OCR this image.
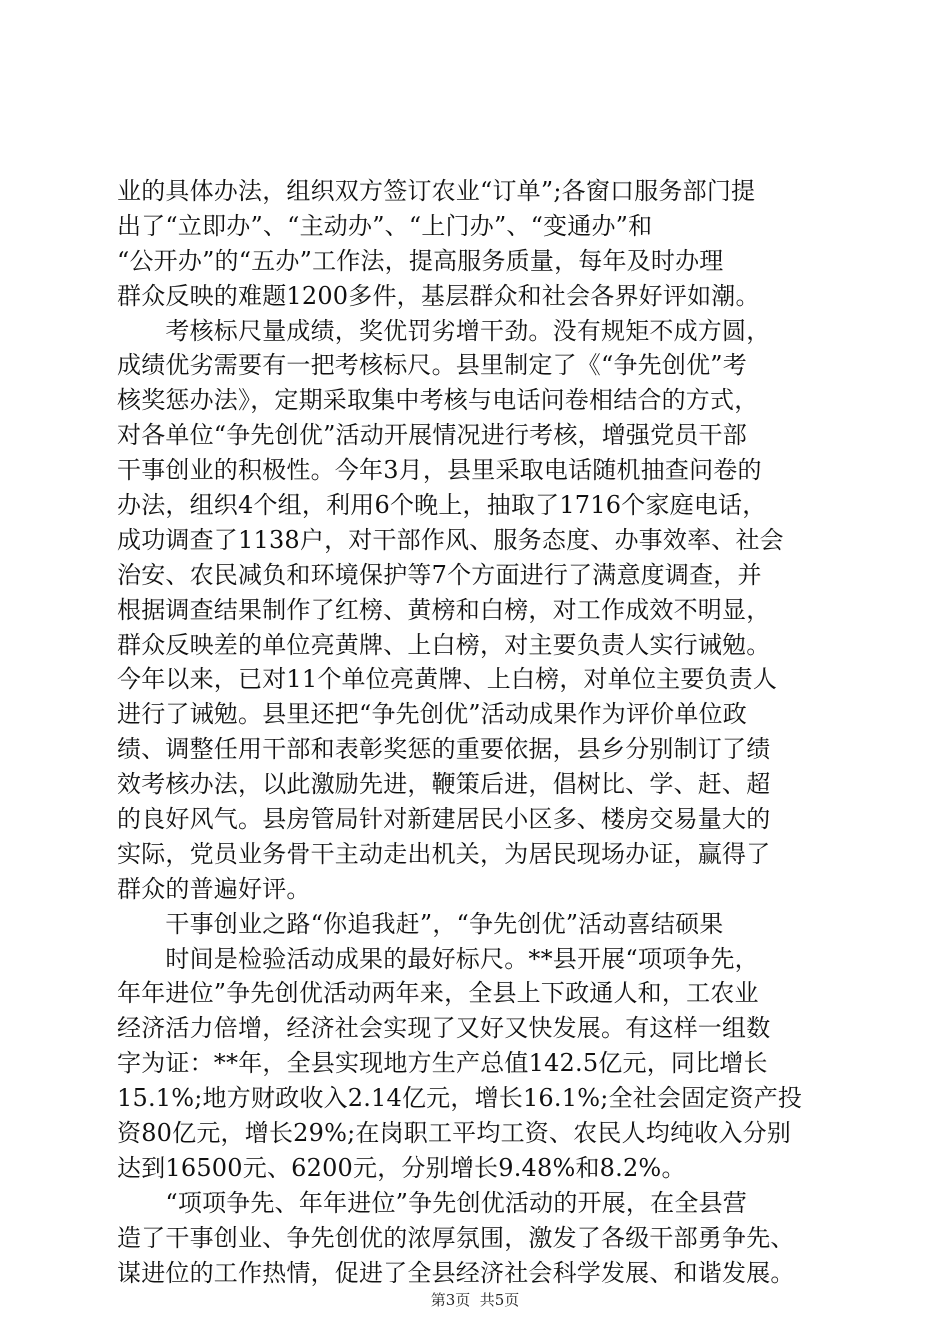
业的具体办法，组织双方签订农业“订单”;各窗口服务部门提
出了“立即办”、“主动办”、“上门办”、“变通办”和
“公开办”的“五办”工作法，提高服务质量，每年及时办理
群众反映的难题1200多件，基层群众和社会各界好评如潮。
　　考核标尺量成绩，奖优罚劣增干劲。没有规矩不成方圆，
成绩优劣需要有一把考核标尺。县里制定了《“争先创优”考
核奖惩办法》，定期采取集中考核与电话问卷相结合的方式，
对各单位“争先创优”活动开展情况进行考核，增强党员干部
干事创业的积极性。今年3月，县里采取电话随机抽查问卷的
办法，组织4个组，利用6个晚上，抽取了1716个家庭电话，
成功调查了1138户，对干部作风、服务态度、办事效率、社会
治安、农民减负和环境保护等7个方面进行了满意度调查，并
根据调查结果制作了红榜、黄榜和白榜，对工作成效不明显，
群众反映差的单位亮黄牌、上白榜，对主要负责人实行诫勉。
今年以来，已对11个单位亮黄牌、上白榜，对单位主要负责人
进行了诫勉。县里还把“争先创优”活动成果作为评价单位政
绩、调整任用干部和表彰奖惩的重要依据，县乡分别制订了绩
效考核办法，以此激励先进，鞭策后进，倡树比、学、赶、超
的良好风气。县房管局针对新建居民小区多、楼房交易量大的
实际，党员业务骨干主动走出机关，为居民现场办证，赢得了
群众的普遍好评。
　　干事创业之路“你追我赶”，“争先创优”活动喜结硕果
　　时间是检验活动成果的最好标尺。**县开展“项项争先，
年年进位”争先创优活动两年来，全县上下政通人和，工农业
经济活力倍增，经济社会实现了又好又快发展。有这样一组数
字为证：**年，全县实现地方生产总值142.5亿元，同比增长
15.1%;地方财政收入2.14亿元，增长16.1%;全社会固定资产投
资80亿元，增长29%;在岗职工平均工资、农民人均纯收入分别
达到16500元、6200元，分别增长9.48%和8.2%。
　　“项项争先、年年进位”争先创优活动的开展，在全县营
造了干事创业、争先创优的浓厚氛围，激发了各级干部勇争先、
谋进位的工作热情，促进了全县经济社会科学发展、和谐发展。
第3页  共5页
